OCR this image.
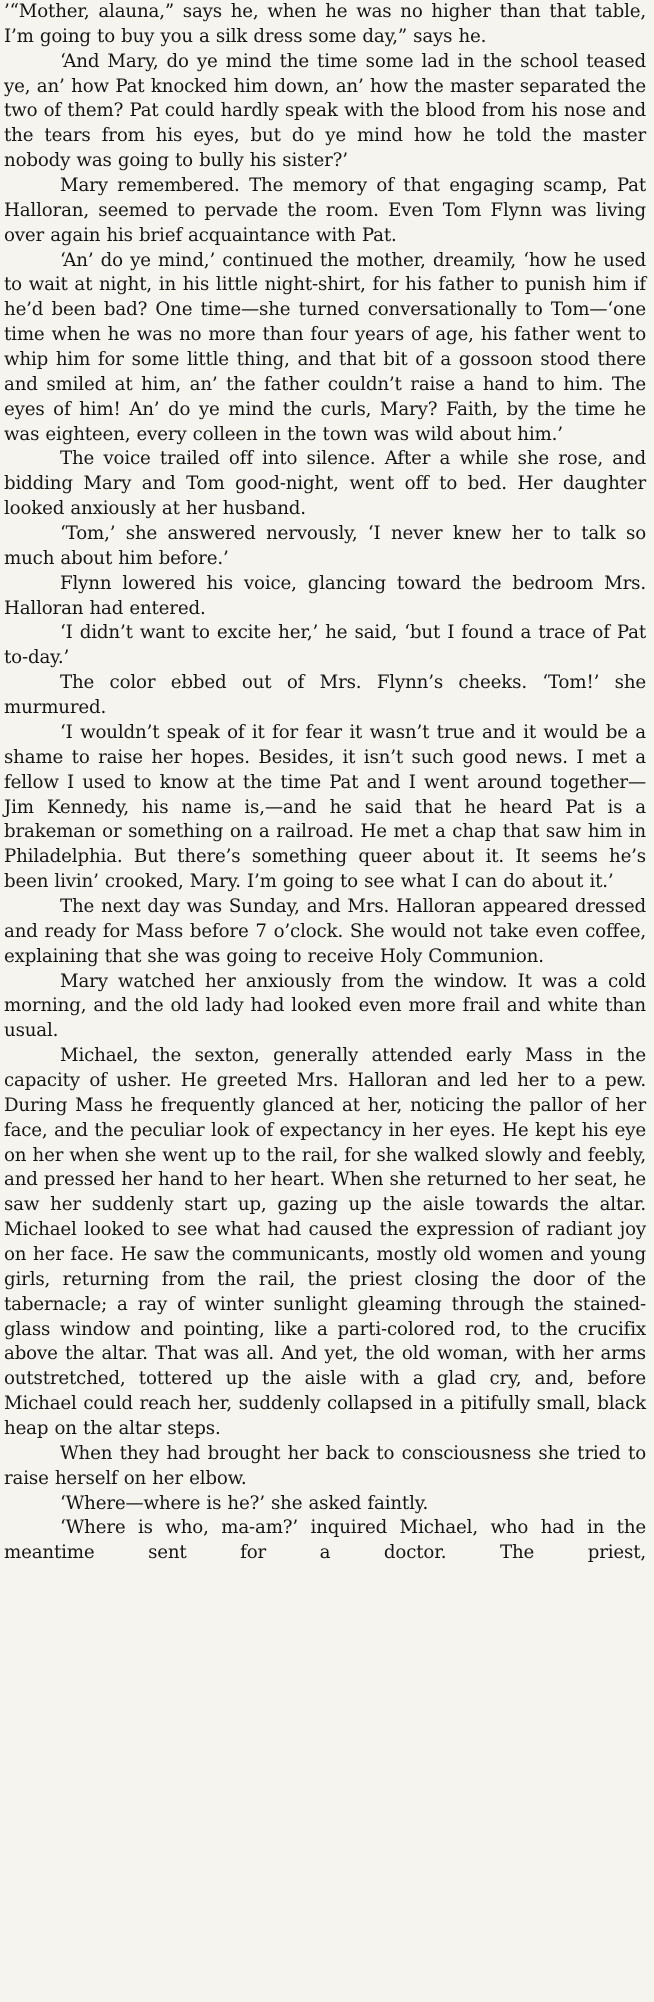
’“Mother, alauna,” says he, when he was no higher than that table, I’m going to buy you a silk dress some day,” says he.

‘And Mary, do ye mind the time some lad in the school teased ye, an’ how Pat knocked him down, an’ how the master separated the two of them? Pat could hardly speak with the blood from his nose and the tears from his eyes, but do ye mind how he told the master nobody was going to bully his sister?’

Mary remembered. The memory of that engaging scamp, Pat Halloran, seemed to pervade the room. Even Tom Flynn was living over again his brief acquaintance with Pat.

‘An’ do ye mind,’ continued the mother, dreamily, ‘how he used to wait at night, in his little night-shirt, for his father to punish him if he’d been bad? One time—she turned conversationally to Tom—‘one time when he was no more than four years of age, his father went to whip him for some little thing, and that bit of a gossoon stood there and smiled at him, an’ the father couldn’t raise a hand to him. The eyes of him! An’ do ye mind the curls, Mary? Faith, by the time he was eighteen, every colleen in the town was wild about him.’

The voice trailed off into silence. After a while she rose, and bidding Mary and Tom good-night, went off to bed. Her daughter looked anxiously at her husband.

‘Tom,’ she answered nervously, ‘I never knew her to talk so much about him before.’

Flynn lowered his voice, glancing toward the bedroom Mrs. Halloran had entered.

‘I didn’t want to excite her,’ he said, ‘but I found a trace of Pat to-day.’

The color ebbed out of Mrs. Flynn’s cheeks. ‘Tom!’ she murmured.

‘I wouldn’t speak of it for fear it wasn’t true and it would be a shame to raise her hopes. Besides, it isn’t such good news. I met a fellow I used to know at the time Pat and I went around together—Jim Kennedy, his name is,—and he said that he heard Pat is a brakeman or something on a railroad. He met a chap that saw him in Philadelphia. But there’s something queer about it. It seems he’s been livin’ crooked, Mary. I’m going to see what I can do about it.’

The next day was Sunday, and Mrs. Halloran appeared dressed and ready for Mass before 7 o’clock. She would not take even coffee, explaining that she was going to receive Holy Communion.

Mary watched her anxiously from the window. It was a cold morning, and the old lady had looked even more frail and white than usual.

Michael, the sexton, generally attended early Mass in the capacity of usher. He greeted Mrs. Halloran and led her to a pew. During Mass he frequently glanced at her, noticing the pallor of her face, and the peculiar look of expectancy in her eyes. He kept his eye on her when she went up to the rail, for she walked slowly and feebly, and pressed her hand to her heart. When she returned to her seat, he saw her suddenly start up, gazing up the aisle towards the altar. Michael looked to see what had caused the expression of radiant joy on her face. He saw the communicants, mostly old women and young girls, returning from the rail, the priest closing the door of the tabernacle; a ray of winter sunlight gleaming through the stained-glass window and pointing, like a parti-colored rod, to the crucifix above the altar. That was all. And yet, the old woman, with her arms outstretched, tottered up the aisle with a glad cry, and, before Michael could reach her, suddenly collapsed in a pitifully small, black heap on the altar steps.

When they had brought her back to consciousness she tried to raise herself on her elbow.

‘Where—where is he?’ she asked faintly.

‘Where is who, ma-am?’ inquired Michael, who had in the meantime sent for a doctor. The priest,
